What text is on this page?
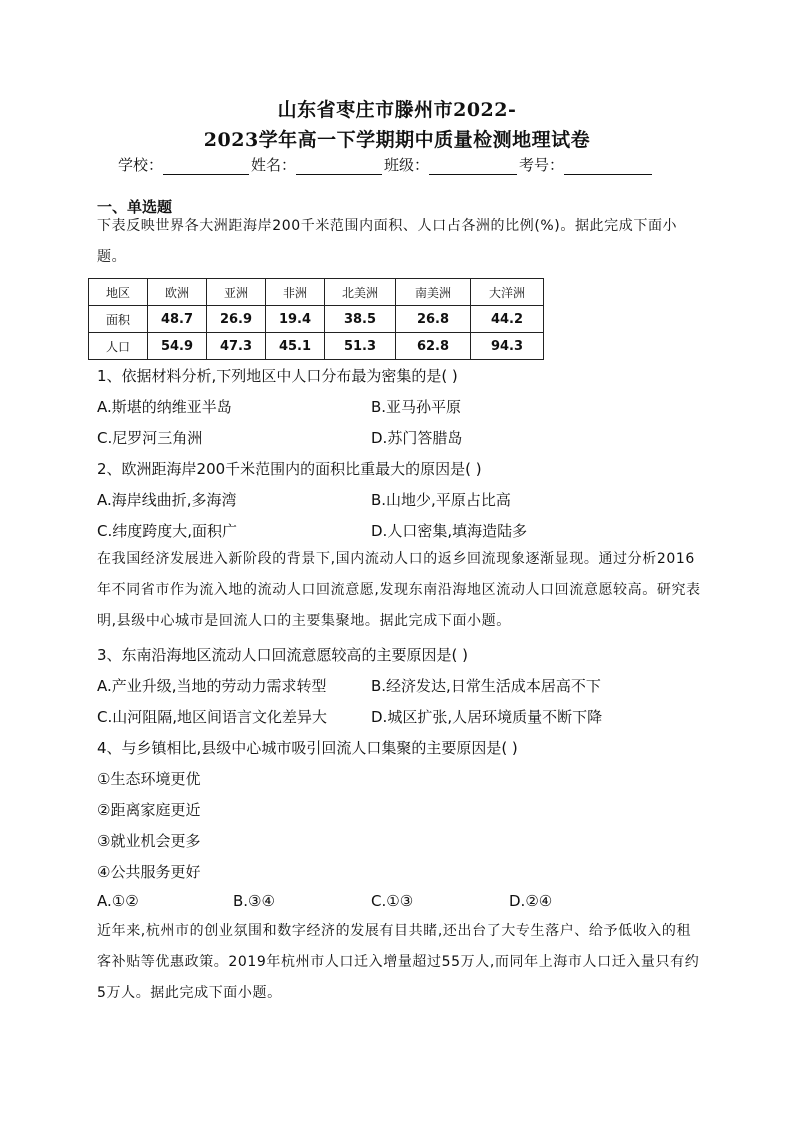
山东省枣庄市滕州市2022-
2023学年高一下学期期中质量检测地理试卷
学校：	姓名：	班级：	考号：
一、单选题
下表反映世界各大洲距海岸200千米范围内面积、人口占各洲的比例(%)。据此完成下面小题。
地区	欧洲	亚洲	非洲	北美洲	南美洲	大洋洲
面积	48.7	26.9	19.4	38.5	26.8	44.2
人口	54.9	47.3	45.1	51.3	62.8	94.3
1、依据材料分析,下列地区中人口分布最为密集的是( )
A.斯堪的纳维亚半岛	B.亚马孙平原
C.尼罗河三角洲	D.苏门答腊岛
2、欧洲距海岸200千米范围内的面积比重最大的原因是( )
A.海岸线曲折,多海湾	B.山地少,平原占比高
C.纬度跨度大,面积广	D.人口密集,填海造陆多
在我国经济发展进入新阶段的背景下,国内流动人口的返乡回流现象逐渐显现。通过分析2016年不同省市作为流入地的流动人口回流意愿,发现东南沿海地区流动人口回流意愿较高。研究表明,县级中心城市是回流人口的主要集聚地。据此完成下面小题。
3、东南沿海地区流动人口回流意愿较高的主要原因是( )
A.产业升级,当地的劳动力需求转型	B.经济发达,日常生活成本居高不下
C.山河阻隔,地区间语言文化差异大	D.城区扩张,人居环境质量不断下降
4、与乡镇相比,县级中心城市吸引回流人口集聚的主要原因是( )
①生态环境更优
②距离家庭更近
③就业机会更多
④公共服务更好
A.①②	B.③④	C.①③	D.②④
近年来,杭州市的创业氛围和数字经济的发展有目共睹,还出台了大专生落户、给予低收入的租客补贴等优惠政策。2019年杭州市人口迁入增量超过55万人,而同年上海市人口迁入量只有约5万人。据此完成下面小题。
